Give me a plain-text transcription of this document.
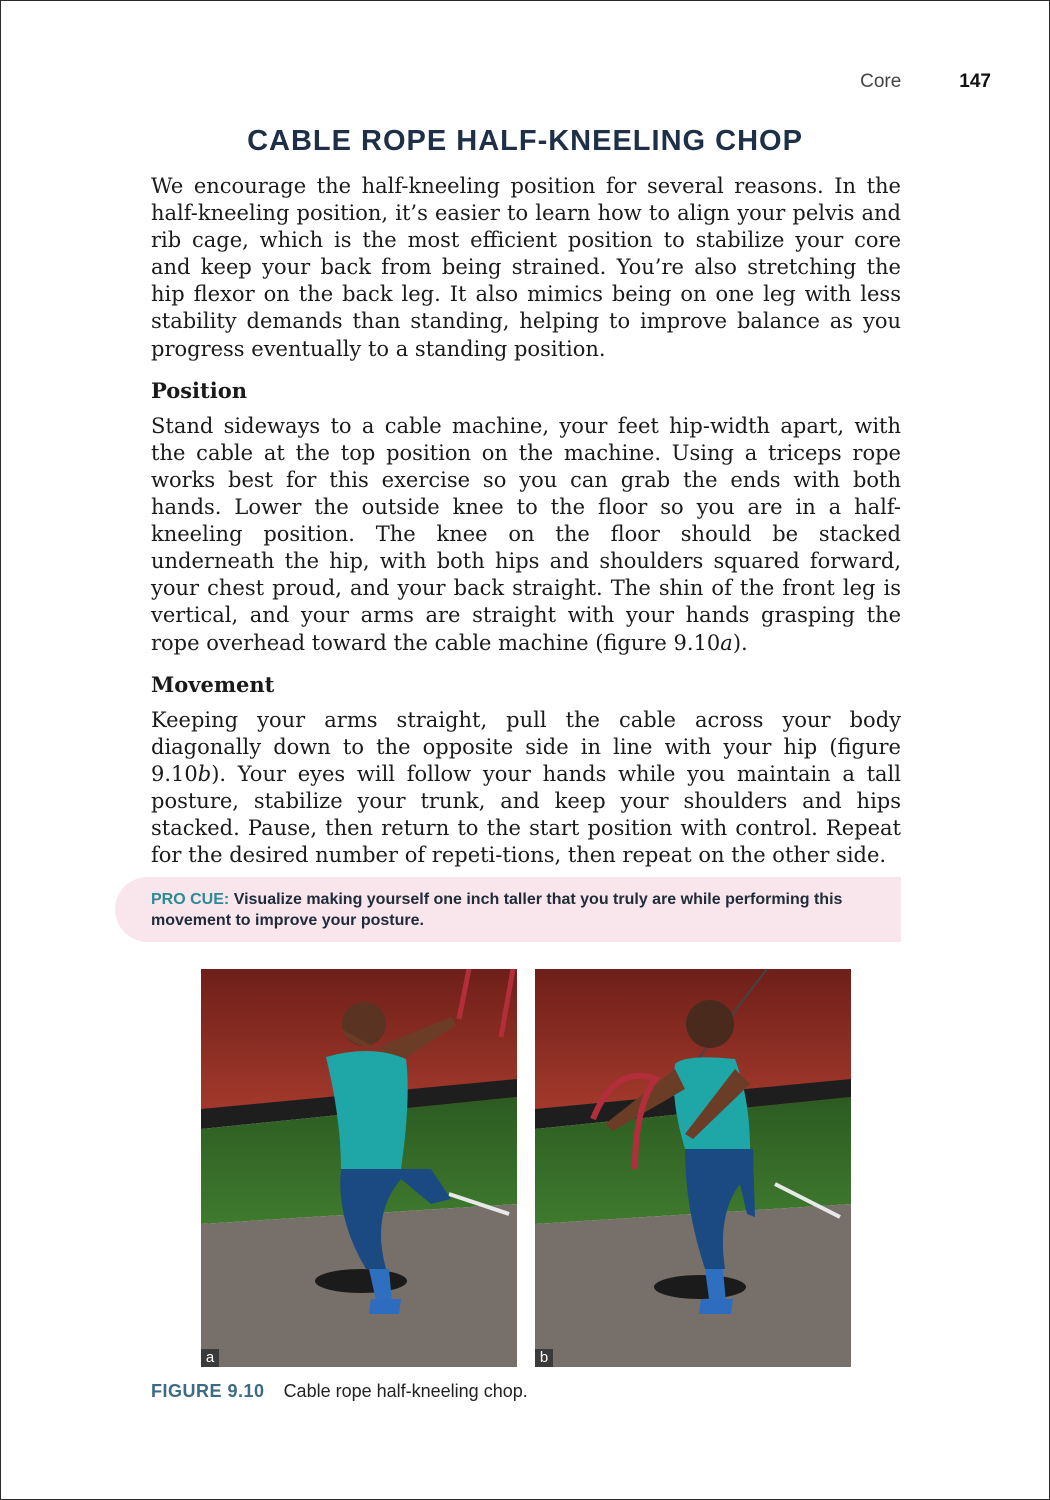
Core	147
CABLE ROPE HALF-KNEELING CHOP

We encourage the half-kneeling position for several reasons. In the half-kneeling position, it’s easier to learn how to align your pelvis and rib cage, which is the most efficient position to stabilize your core and keep your back from being strained. You’re also stretching the hip flexor on the back leg. It also mimics being on one leg with less stability demands than standing, helping to improve balance as you progress eventually to a standing position.

Position

Stand sideways to a cable machine, your feet hip-width apart, with the cable at the top position on the machine. Using a triceps rope works best for this exercise so you can grab the ends with both hands. Lower the outside knee to the floor so you are in a half-kneeling position. The knee on the floor should be stacked underneath the hip, with both hips and shoulders squared forward, your chest proud, and your back straight. The shin of the front leg is vertical, and your arms are straight with your hands grasping the rope overhead toward the cable machine (figure 9.10a).

Movement

Keeping your arms straight, pull the cable across your body diagonally down to the opposite side in line with your hip (figure 9.10b). Your eyes will follow your hands while you maintain a tall posture, stabilize your trunk, and keep your shoulders and hips stacked. Pause, then return to the start position with control. Repeat for the desired number of repeti-tions, then repeat on the other side.

PRO CUE: Visualize making yourself one inch taller that you truly are while performing this movement to improve your posture.
a	b
FIGURE 9.10 Cable rope half-kneeling chop.
